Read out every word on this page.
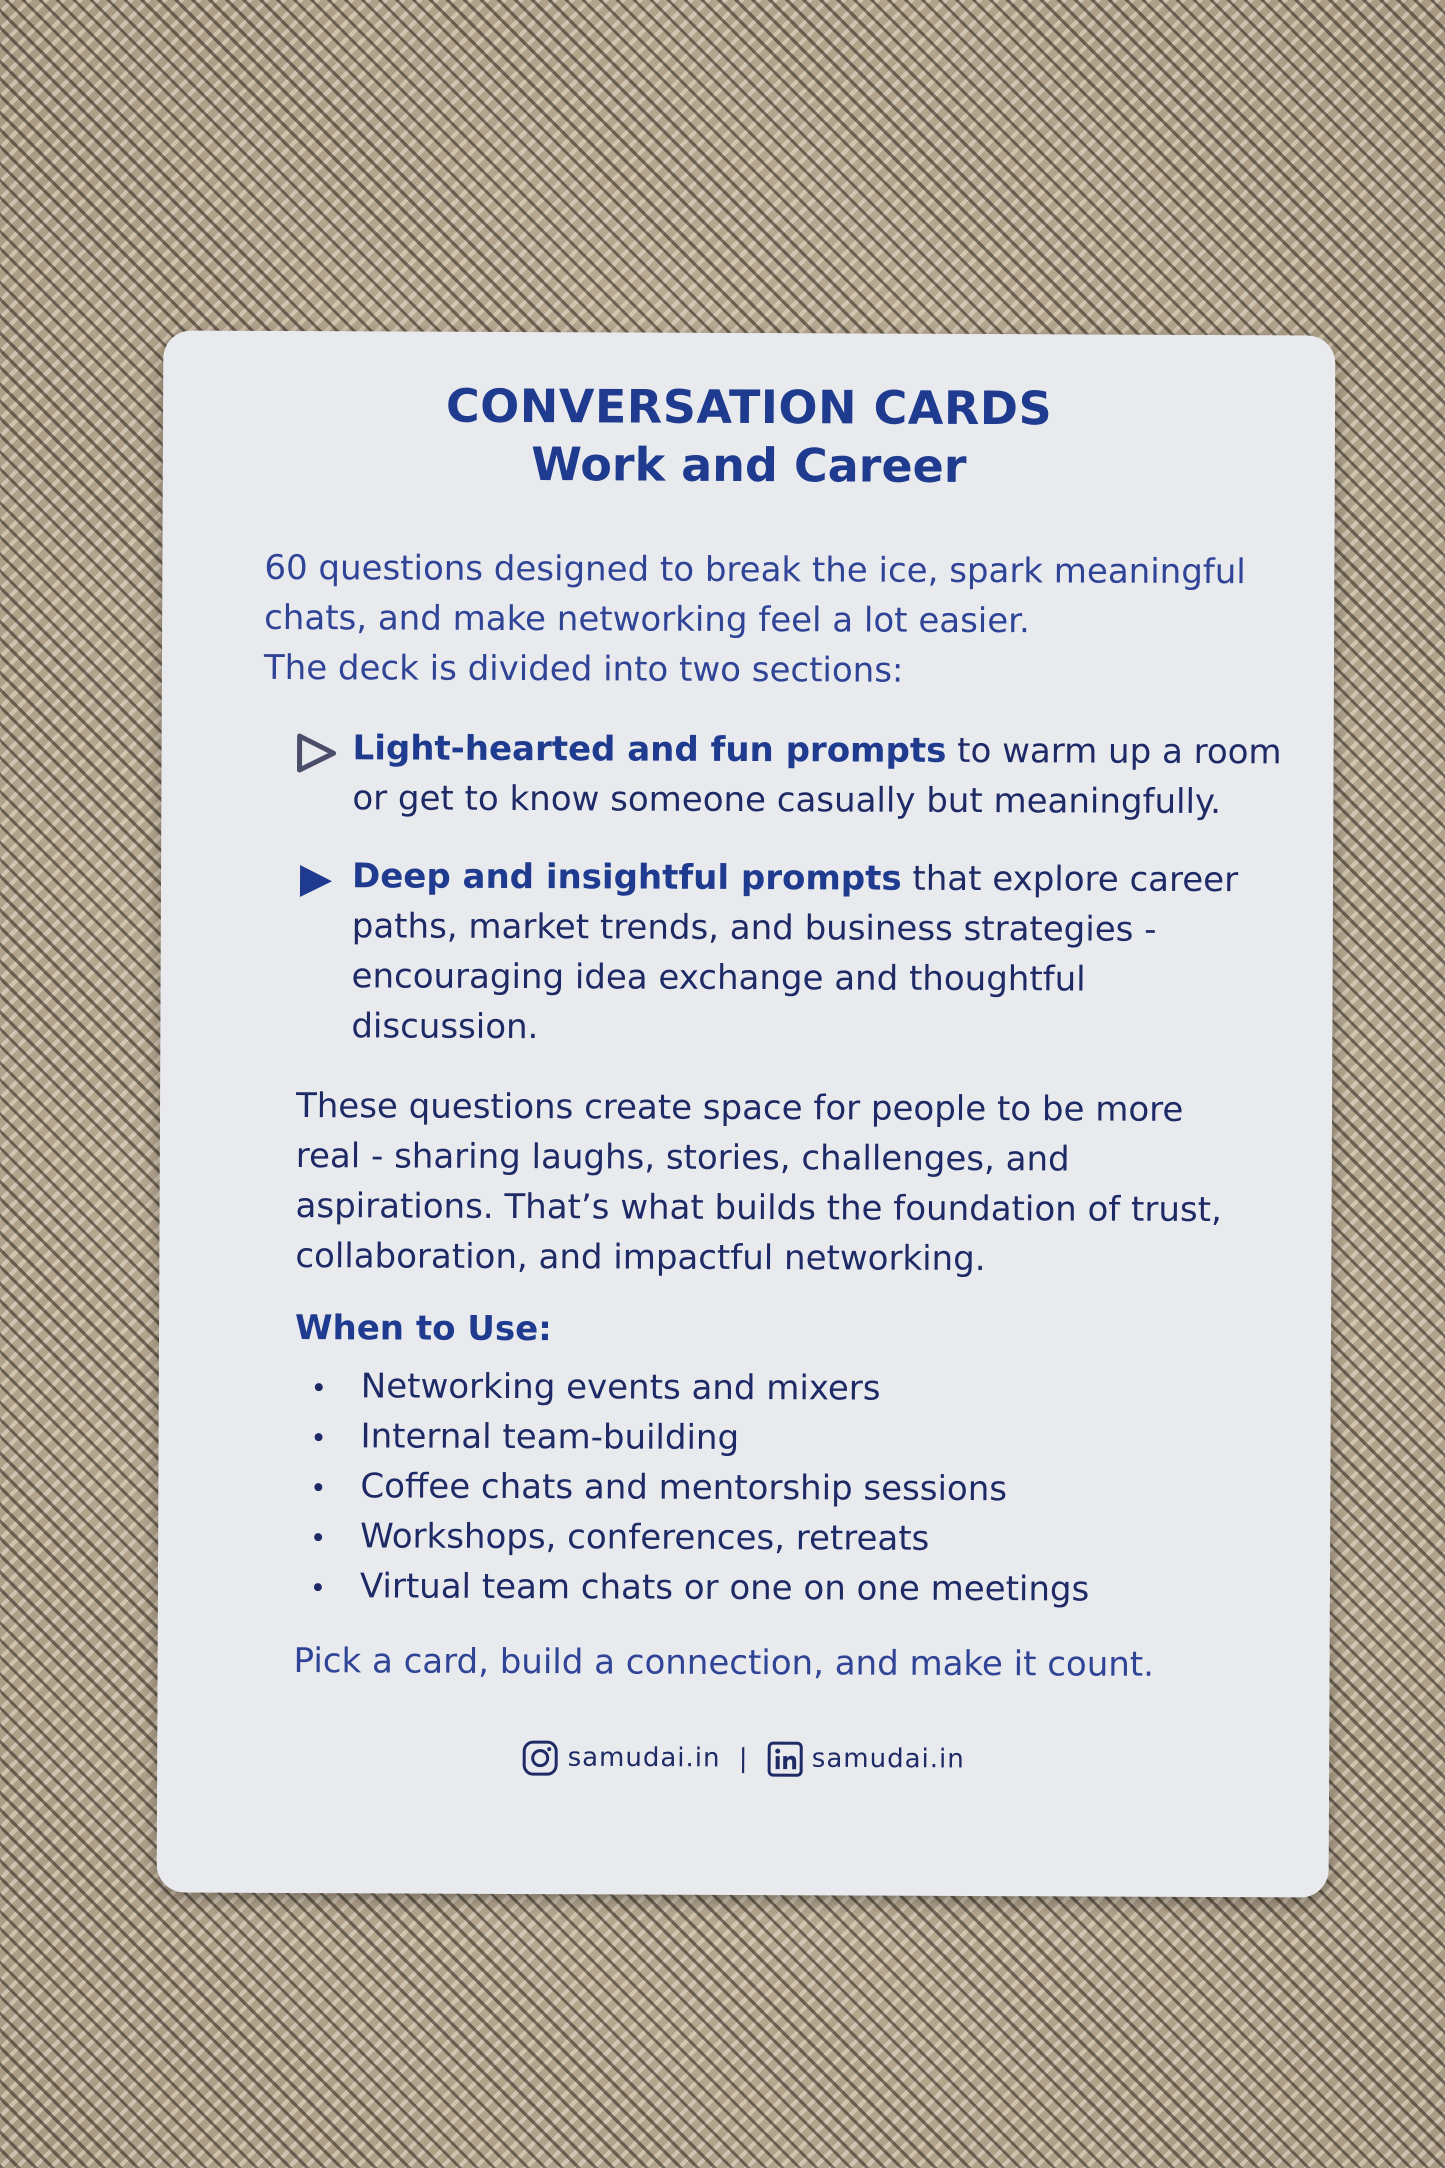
CONVERSATION CARDS
Work and Career
60 questions designed to break the ice, spark meaningful
chats, and make networking feel a lot easier.
The deck is divided into two sections:
Light-hearted and fun prompts to warm up a room
or get to know someone casually but meaningfully.
Deep and insightful prompts that explore career
paths, market trends, and business strategies -
encouraging idea exchange and thoughtful
discussion.
These questions create space for people to be more
real - sharing laughs, stories, challenges, and
aspirations. That’s what builds the foundation of trust,
collaboration, and impactful networking.
When to Use:
Networking events and mixers
Internal team-building
Coffee chats and mentorship sessions
Workshops, conferences, retreats
Virtual team chats or one on one meetings
Pick a card, build a connection, and make it count.
samudai.in | samudai.in
